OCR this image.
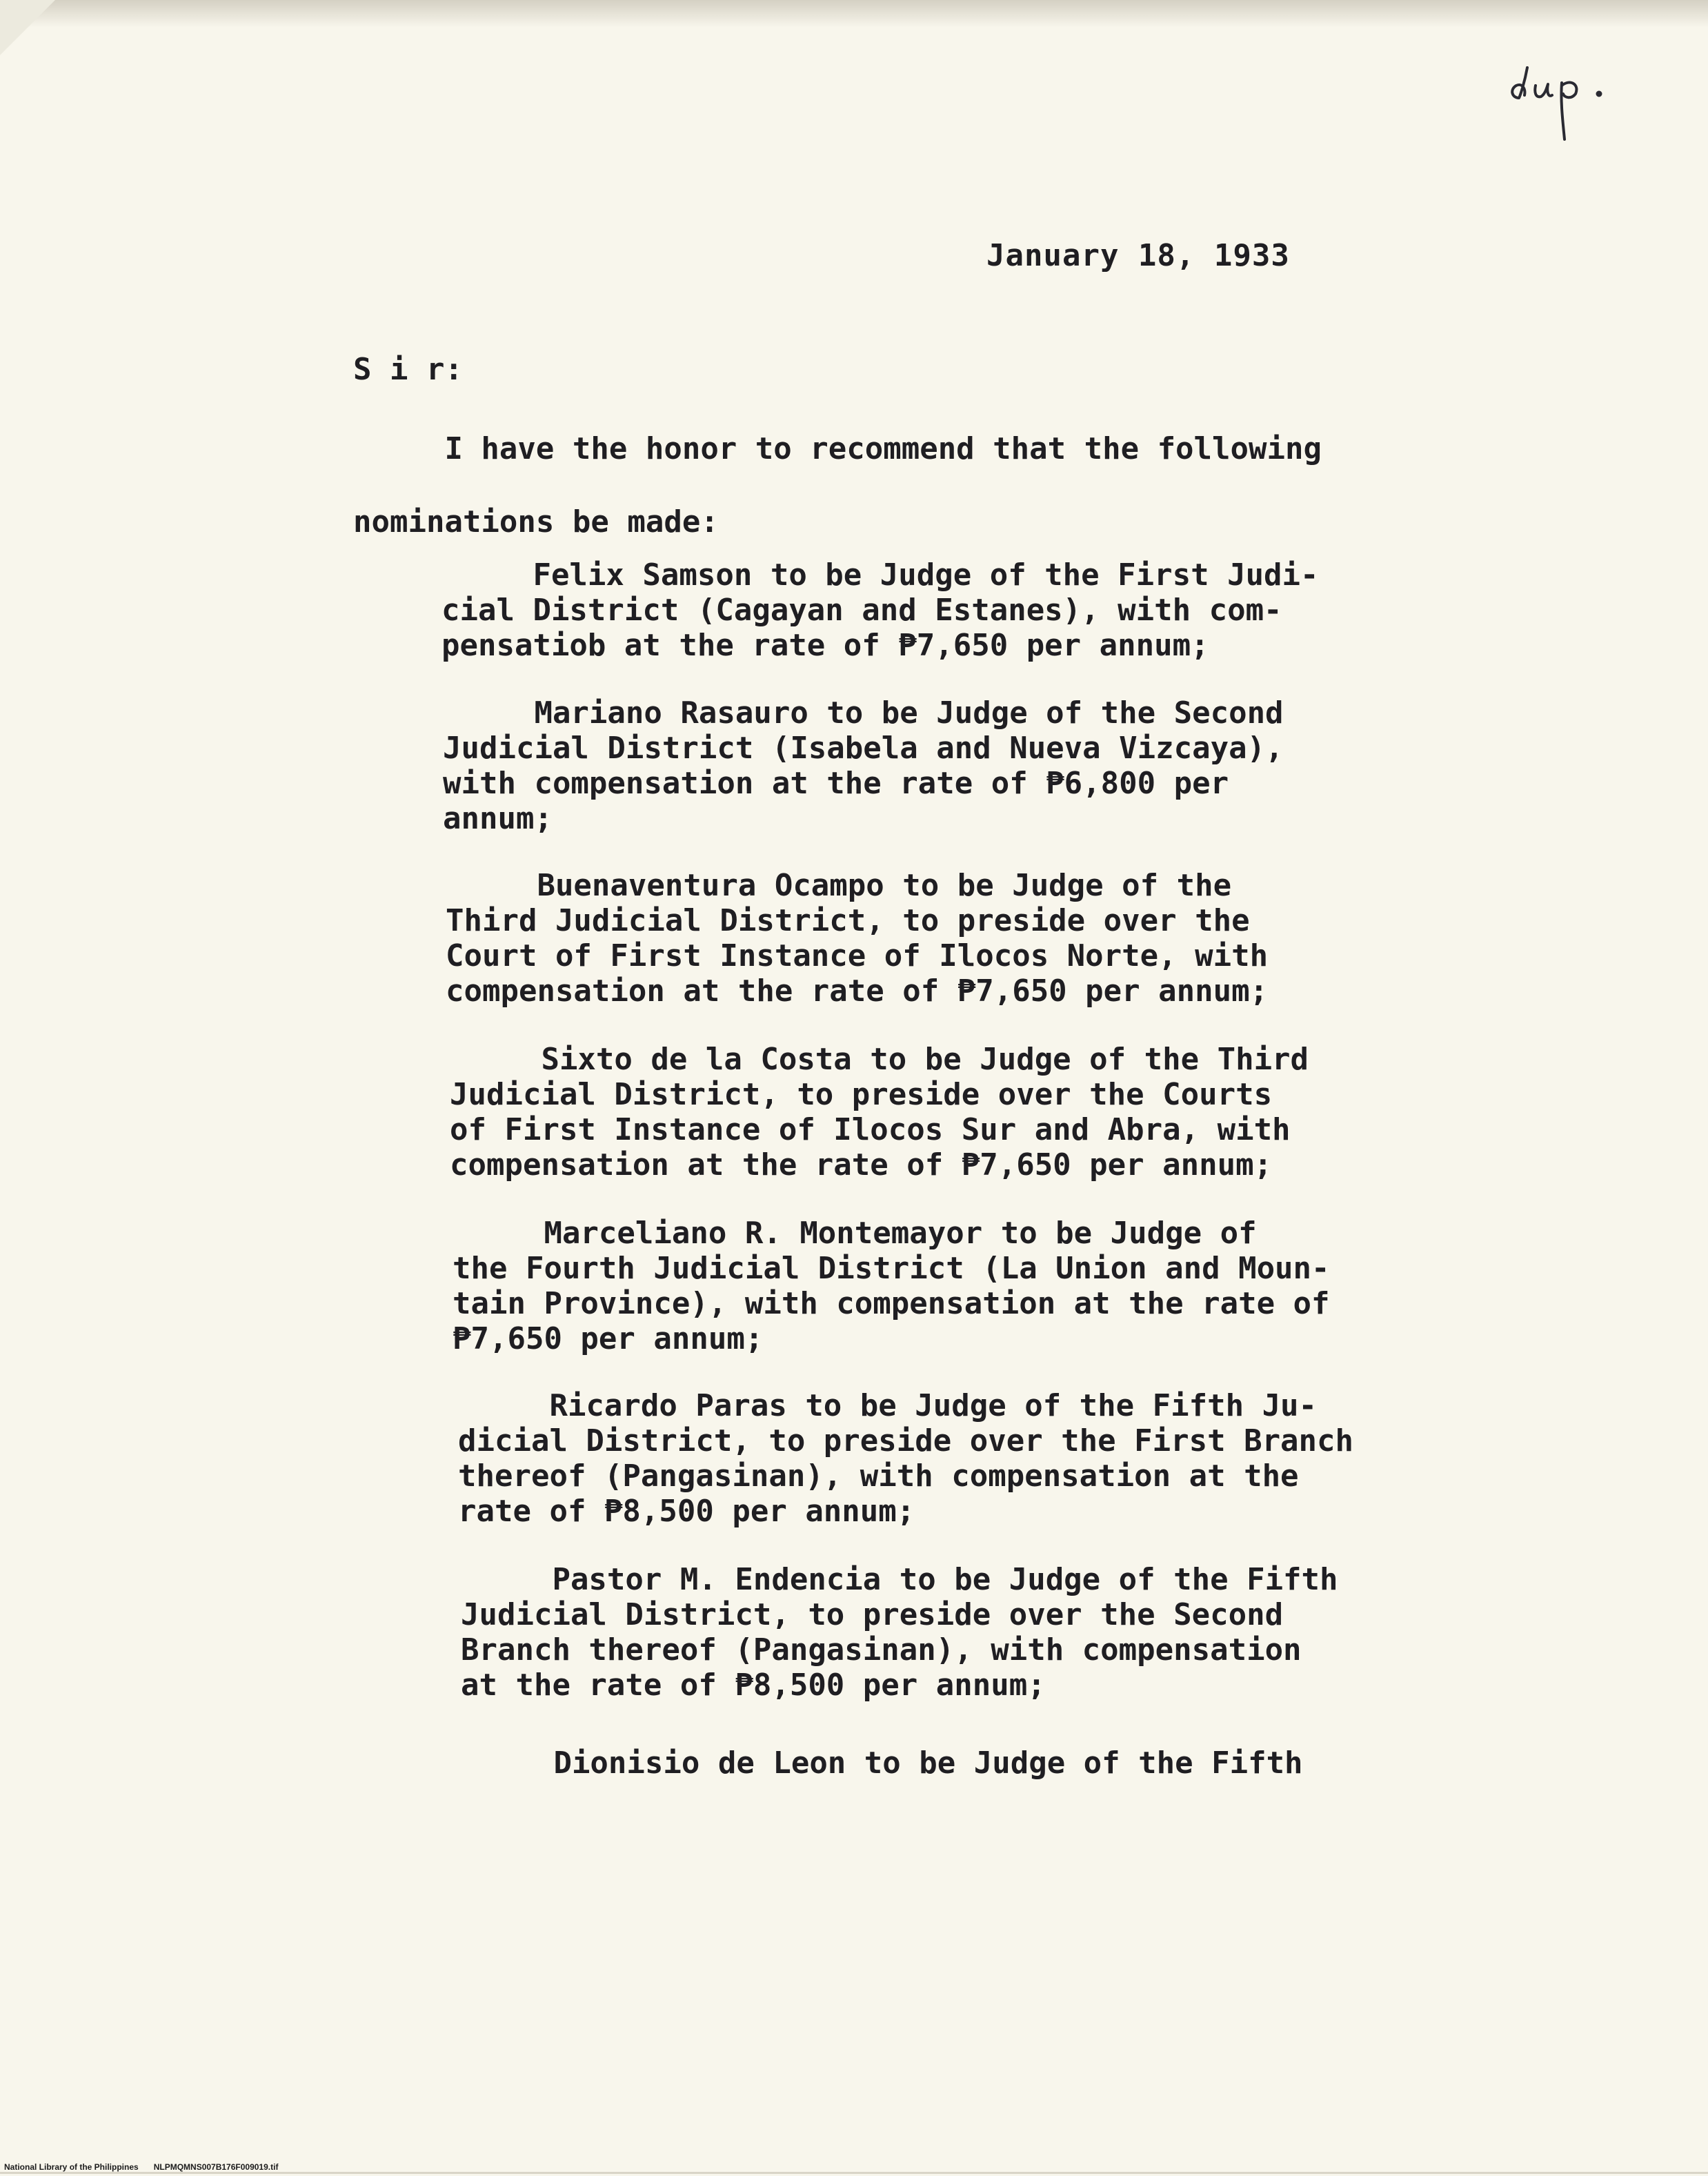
January 18, 1933
S i r:
I have the honor to recommend that the following
nominations be made:
Felix Samson to be Judge of the First Judi-
cial District (Cagayan and Estanes), with com-
pensatiob at the rate of ₱7,650 per annum;
Mariano Rasauro to be Judge of the Second
Judicial District (Isabela and Nueva Vizcaya),
with compensation at the rate of ₱6,800 per
annum;
Buenaventura Ocampo to be Judge of the
Third Judicial District, to preside over the
Court of First Instance of Ilocos Norte, with
compensation at the rate of ₱7,650 per annum;
Sixto de la Costa to be Judge of the Third
Judicial District, to preside over the Courts
of First Instance of Ilocos Sur and Abra, with
compensation at the rate of ₱7,650 per annum;
Marceliano R. Montemayor to be Judge of
the Fourth Judicial District (La Union and Moun-
tain Province), with compensation at the rate of
₱7,650 per annum;
Ricardo Paras to be Judge of the Fifth Ju-
dicial District, to preside over the First Branch
thereof (Pangasinan), with compensation at the
rate of ₱8,500 per annum;
Pastor M. Endencia to be Judge of the Fifth
Judicial District, to preside over the Second
Branch thereof (Pangasinan), with compensation
at the rate of ₱8,500 per annum;
Dionisio de Leon to be Judge of the Fifth
National Library of the Philippines NLPMQMNS007B176F009019.tif
